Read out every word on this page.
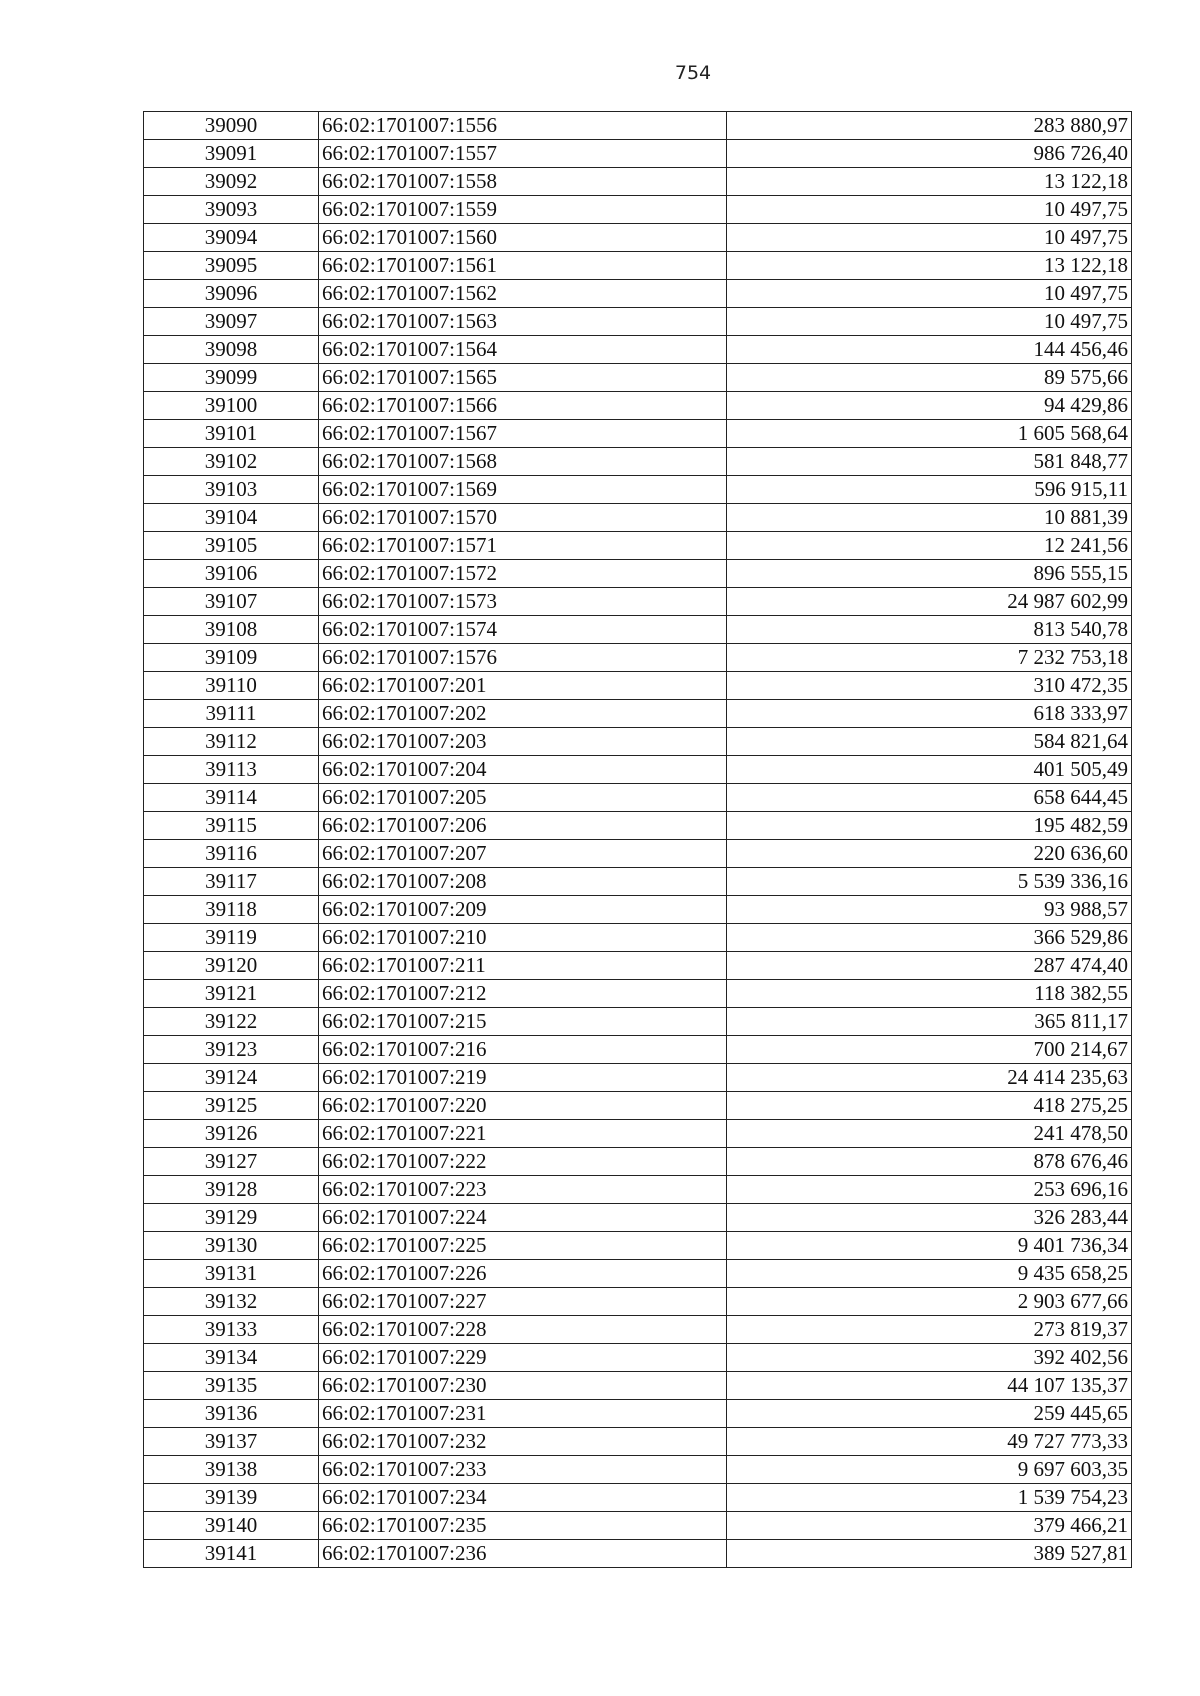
754
39090	66:02:1701007:1556	283 880,97
39091	66:02:1701007:1557	986 726,40
39092	66:02:1701007:1558	13 122,18
39093	66:02:1701007:1559	10 497,75
39094	66:02:1701007:1560	10 497,75
39095	66:02:1701007:1561	13 122,18
39096	66:02:1701007:1562	10 497,75
39097	66:02:1701007:1563	10 497,75
39098	66:02:1701007:1564	144 456,46
39099	66:02:1701007:1565	89 575,66
39100	66:02:1701007:1566	94 429,86
39101	66:02:1701007:1567	1 605 568,64
39102	66:02:1701007:1568	581 848,77
39103	66:02:1701007:1569	596 915,11
39104	66:02:1701007:1570	10 881,39
39105	66:02:1701007:1571	12 241,56
39106	66:02:1701007:1572	896 555,15
39107	66:02:1701007:1573	24 987 602,99
39108	66:02:1701007:1574	813 540,78
39109	66:02:1701007:1576	7 232 753,18
39110	66:02:1701007:201	310 472,35
39111	66:02:1701007:202	618 333,97
39112	66:02:1701007:203	584 821,64
39113	66:02:1701007:204	401 505,49
39114	66:02:1701007:205	658 644,45
39115	66:02:1701007:206	195 482,59
39116	66:02:1701007:207	220 636,60
39117	66:02:1701007:208	5 539 336,16
39118	66:02:1701007:209	93 988,57
39119	66:02:1701007:210	366 529,86
39120	66:02:1701007:211	287 474,40
39121	66:02:1701007:212	118 382,55
39122	66:02:1701007:215	365 811,17
39123	66:02:1701007:216	700 214,67
39124	66:02:1701007:219	24 414 235,63
39125	66:02:1701007:220	418 275,25
39126	66:02:1701007:221	241 478,50
39127	66:02:1701007:222	878 676,46
39128	66:02:1701007:223	253 696,16
39129	66:02:1701007:224	326 283,44
39130	66:02:1701007:225	9 401 736,34
39131	66:02:1701007:226	9 435 658,25
39132	66:02:1701007:227	2 903 677,66
39133	66:02:1701007:228	273 819,37
39134	66:02:1701007:229	392 402,56
39135	66:02:1701007:230	44 107 135,37
39136	66:02:1701007:231	259 445,65
39137	66:02:1701007:232	49 727 773,33
39138	66:02:1701007:233	9 697 603,35
39139	66:02:1701007:234	1 539 754,23
39140	66:02:1701007:235	379 466,21
39141	66:02:1701007:236	389 527,81
